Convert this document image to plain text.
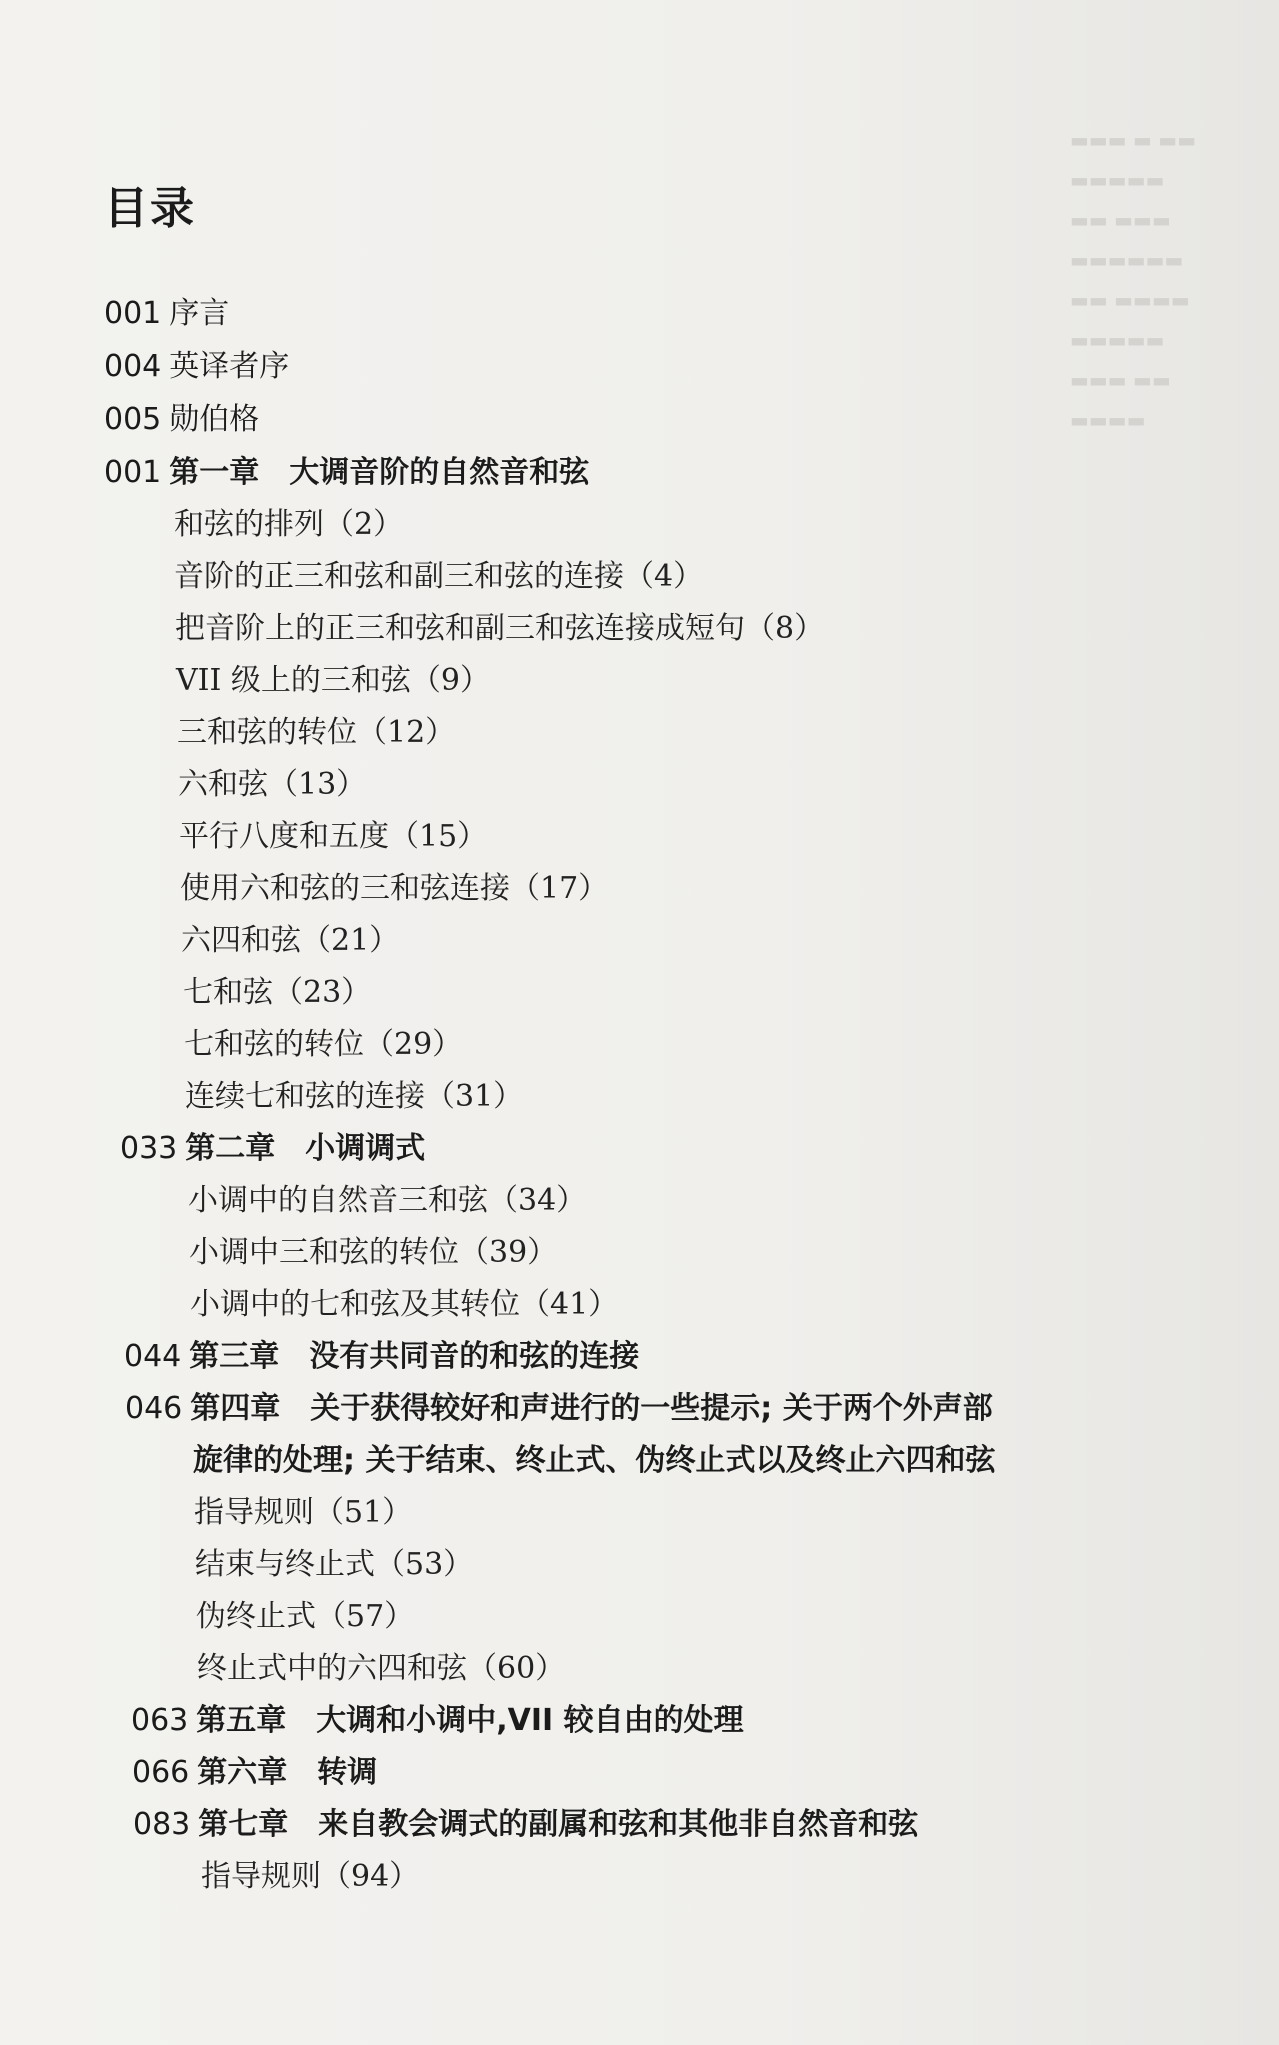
▬▬▬ ▬ ▬▬
▬▬▬▬▬
▬▬ ▬▬▬
▬▬▬▬▬▬
▬▬ ▬▬▬▬
▬▬▬▬▬
▬▬▬ ▬▬
▬▬▬▬
目录
001 序言
004 英译者序
005 勋伯格
001 第一章 大调音阶的自然音和弦
和弦的排列（2）
音阶的正三和弦和副三和弦的连接（4）
把音阶上的正三和弦和副三和弦连接成短句（8）
VII 级上的三和弦（9）
三和弦的转位（12）
六和弦（13）
平行八度和五度（15）
使用六和弦的三和弦连接（17）
六四和弦（21）
七和弦（23）
七和弦的转位（29）
连续七和弦的连接（31）
033 第二章 小调调式
小调中的自然音三和弦（34）
小调中三和弦的转位（39）
小调中的七和弦及其转位（41）
044 第三章 没有共同音的和弦的连接
046 第四章 关于获得较好和声进行的一些提示; 关于两个外声部
旋律的处理; 关于结束、终止式、伪终止式以及终止六四和弦
指导规则（51）
结束与终止式（53）
伪终止式（57）
终止式中的六四和弦（60）
063 第五章 大调和小调中,VII 较自由的处理
066 第六章 转调
083 第七章 来自教会调式的副属和弦和其他非自然音和弦
指导规则（94）
